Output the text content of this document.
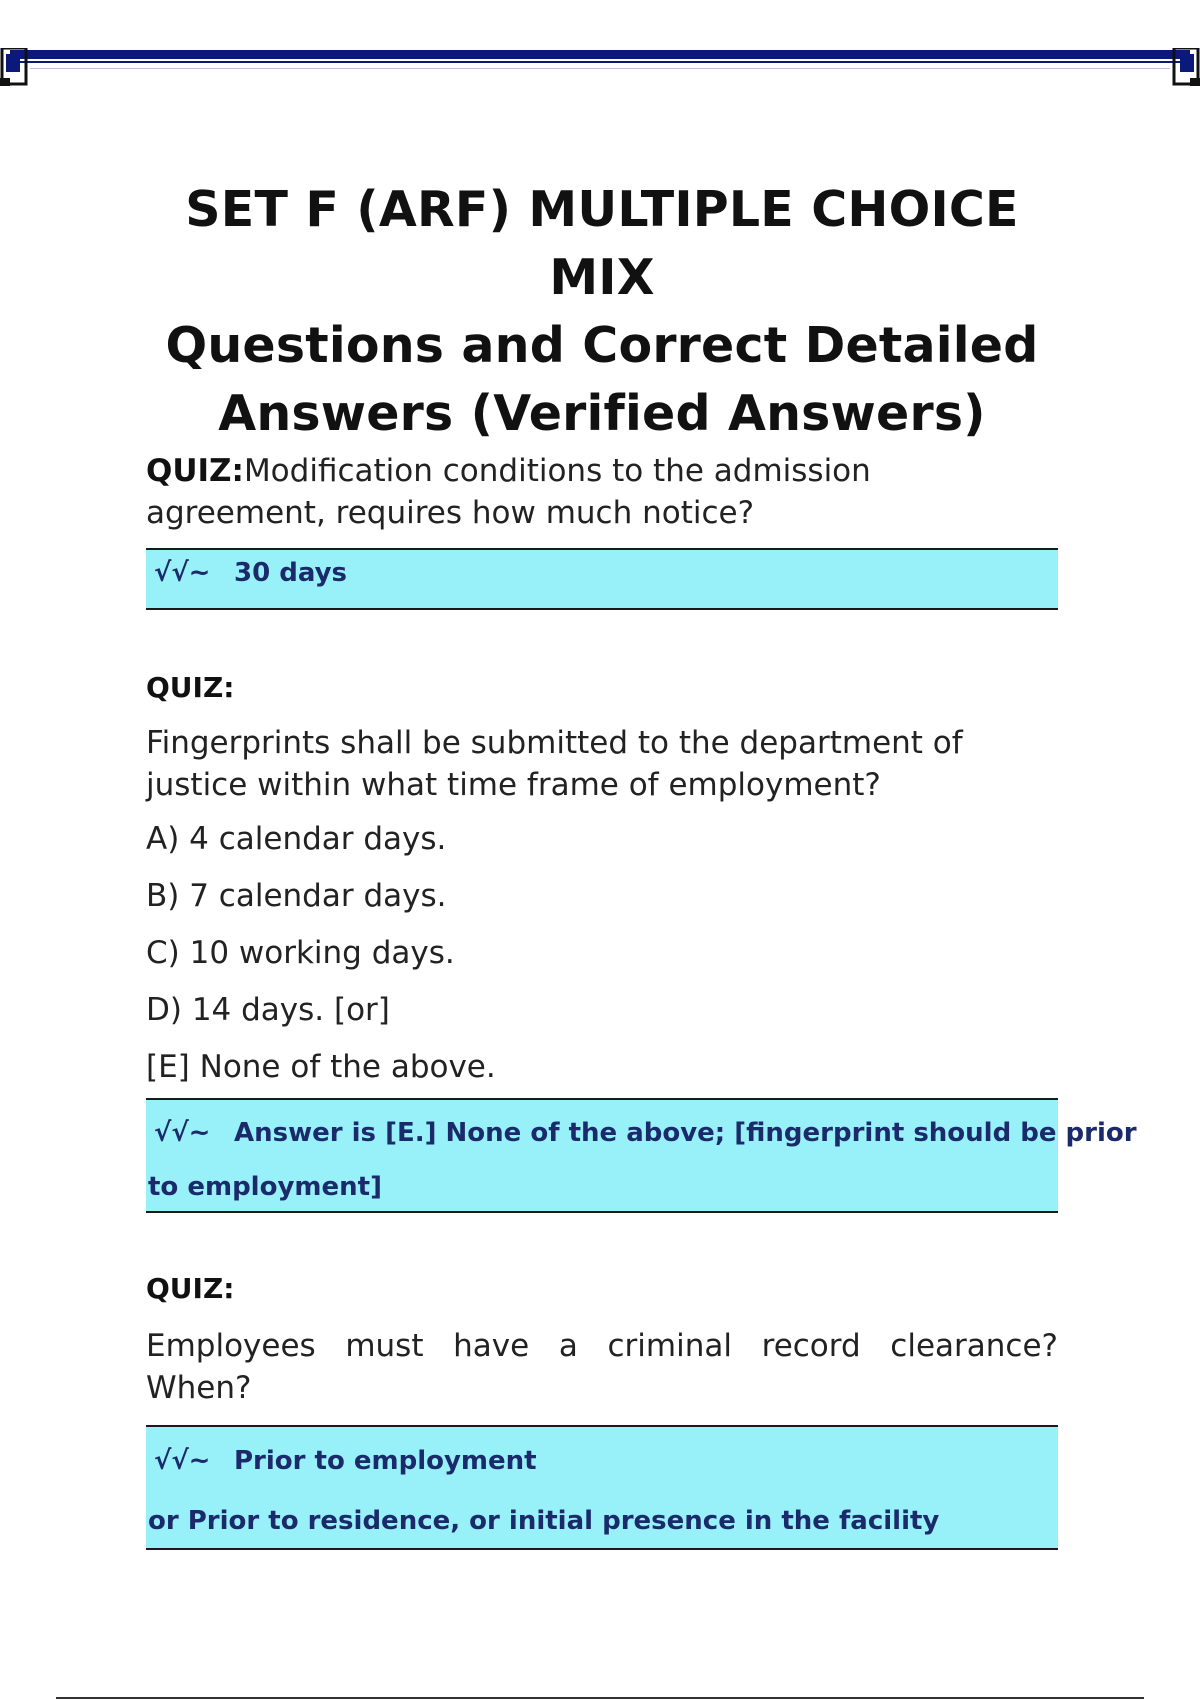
SET F (ARF) MULTIPLE CHOICE MIX
Questions and Correct Detailed
Answers (Verified Answers)

QUIZ:Modification conditions to the admission agreement, requires how much notice?

√√~ 30 days

QUIZ:

Fingerprints shall be submitted to the department of justice within what time frame of employment?

A) 4 calendar days.

B) 7 calendar days.

C) 10 working days.

D) 14 days. [or]

[E] None of the above.

√√~ Answer is [E.] None of the above; [fingerprint should be prior
to employment]

QUIZ:

Employees must have a criminal record clearance? When?

√√~ Prior to employment
or Prior to residence, or initial presence in the facility
